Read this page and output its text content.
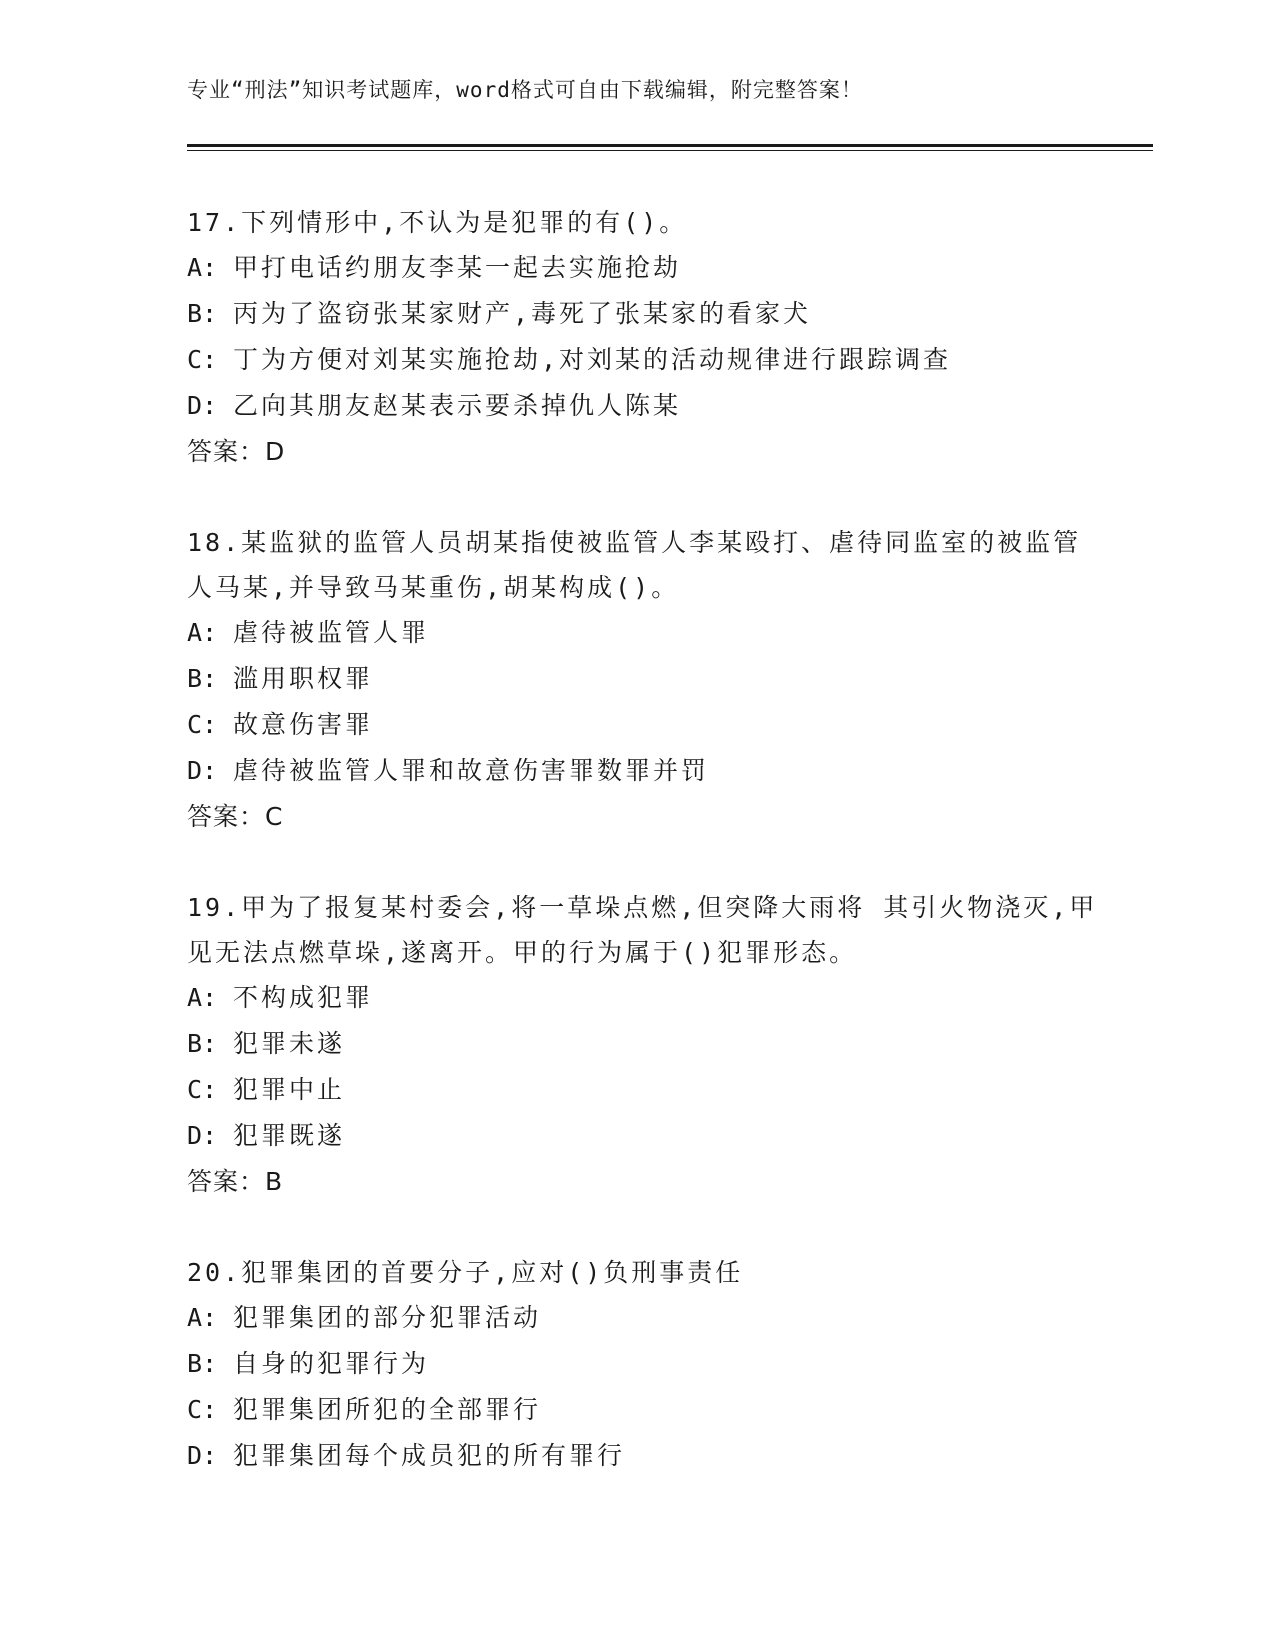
专业“刑法”知识考试题库，word格式可自由下载编辑，附完整答案！

17.下列情形中,不认为是犯罪的有()。

A: 甲打电话约朋友李某一起去实施抢劫
B: 丙为了盗窃张某家财产,毒死了张某家的看家犬
C: 丁为方便对刘某实施抢劫,对刘某的活动规律进行跟踪调查
D: 乙向其朋友赵某表示要杀掉仇人陈某
答案：D

18.某监狱的监管人员胡某指使被监管人李某殴打、虐待同监室的被监管人马某,并导致马某重伤,胡某构成()。

A: 虐待被监管人罪
B: 滥用职权罪
C: 故意伤害罪
D: 虐待被监管人罪和故意伤害罪数罪并罚
答案：C

19.甲为了报复某村委会,将一草垛点燃,但突降大雨将 其引火物浇灭,甲见无法点燃草垛,遂离开。甲的行为属于()犯罪形态。

A: 不构成犯罪
B: 犯罪未遂
C: 犯罪中止
D: 犯罪既遂
答案：B

20.犯罪集团的首要分子,应对()负刑事责任

A: 犯罪集团的部分犯罪活动
B: 自身的犯罪行为
C: 犯罪集团所犯的全部罪行
D: 犯罪集团每个成员犯的所有罪行
